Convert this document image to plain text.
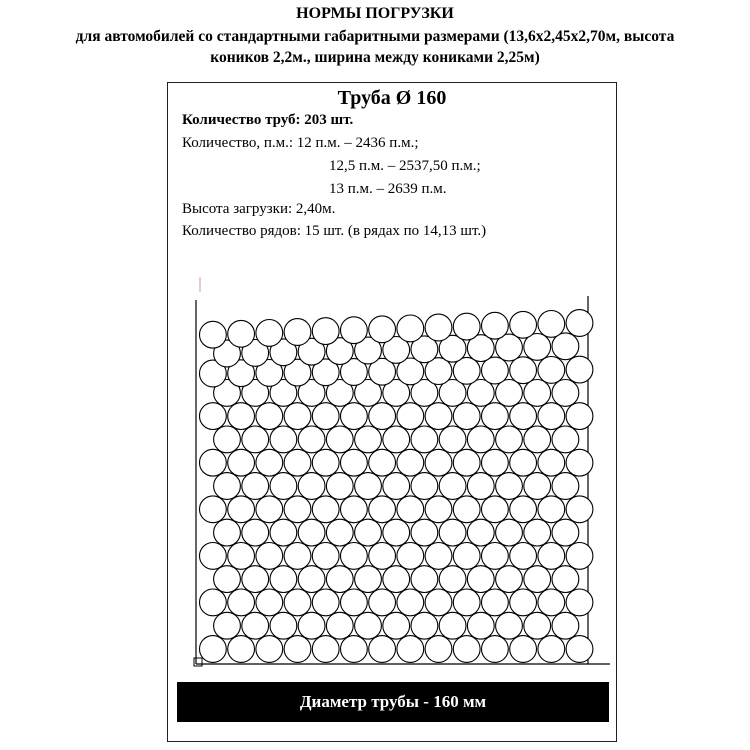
НОРМЫ ПОГРУЗКИ
для автомобилей со стандартными габаритными размерами (13,6х2,45х2,70м, высота
коников 2,2м., ширина между кониками 2,25м)
Труба Ø 160
Количество труб: 203 шт.
Количество, п.м.: 12 п.м. – 2436 п.м.;
12,5 п.м. – 2537,50 п.м.;
13 п.м. – 2639 п.м.
Высота загрузки: 2,40м.
Количество рядов: 15 шт. (в рядах по 14,13 шт.)
Диаметр трубы - 160 мм
